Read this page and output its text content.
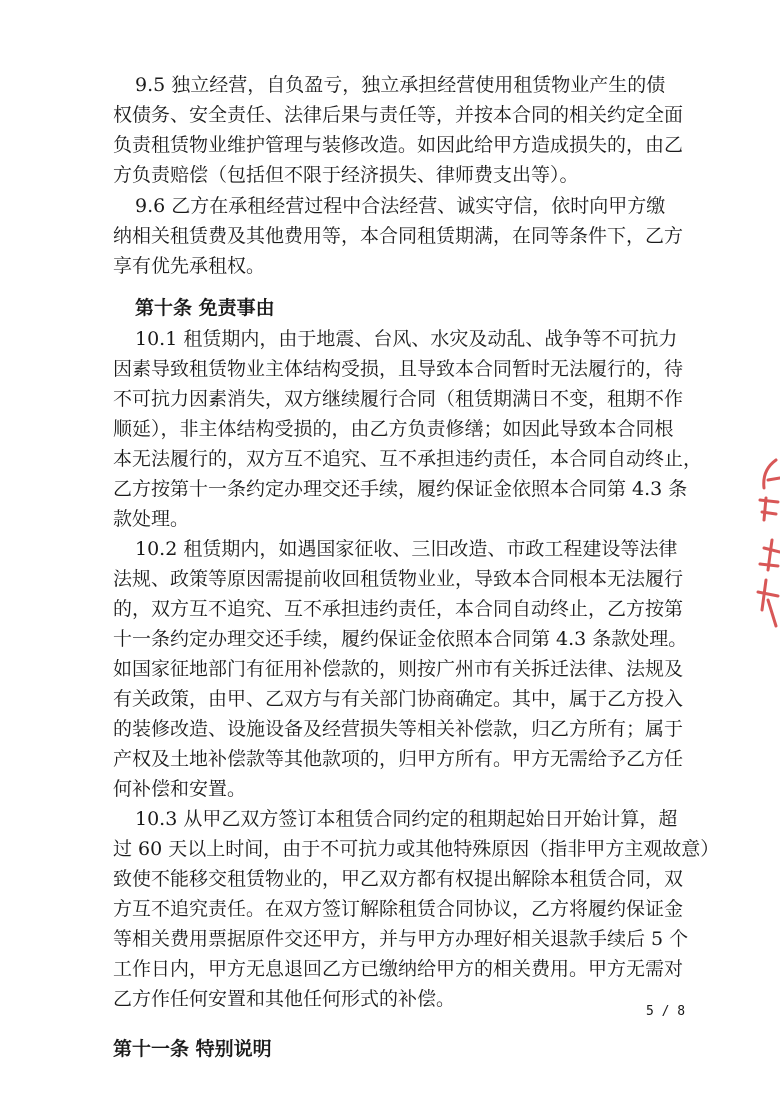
9.5 独立经营，自负盈亏，独立承担经营使用租赁物业产生的债
权债务、安全责任、法律后果与责任等，并按本合同的相关约定全面
负责租赁物业维护管理与装修改造。如因此给甲方造成损失的，由乙
方负责赔偿（包括但不限于经济损失、律师费支出等）。
9.6 乙方在承租经营过程中合法经营、诚实守信，依时向甲方缴
纳相关租赁费及其他费用等，本合同租赁期满，在同等条件下，乙方
享有优先承租权。
第十条 免责事由
10.1 租赁期内，由于地震、台风、水灾及动乱、战争等不可抗力
因素导致租赁物业主体结构受损，且导致本合同暂时无法履行的，待
不可抗力因素消失，双方继续履行合同（租赁期满日不变，租期不作
顺延），非主体结构受损的，由乙方负责修缮；如因此导致本合同根
本无法履行的，双方互不追究、互不承担违约责任，本合同自动终止，
乙方按第十一条约定办理交还手续，履约保证金依照本合同第 4.3 条
款处理。
10.2 租赁期内，如遇国家征收、三旧改造、市政工程建设等法律
法规、政策等原因需提前收回租赁物业业，导致本合同根本无法履行
的，双方互不追究、互不承担违约责任，本合同自动终止，乙方按第
十一条约定办理交还手续，履约保证金依照本合同第 4.3 条款处理。
如国家征地部门有征用补偿款的，则按广州市有关拆迁法律、法规及
有关政策，由甲、乙双方与有关部门协商确定。其中，属于乙方投入
的装修改造、设施设备及经营损失等相关补偿款，归乙方所有；属于
产权及土地补偿款等其他款项的，归甲方所有。甲方无需给予乙方任
何补偿和安置。
10.3 从甲乙双方签订本租赁合同约定的租期起始日开始计算，超
过 60 天以上时间，由于不可抗力或其他特殊原因（指非甲方主观故意）
致使不能移交租赁物业的，甲乙双方都有权提出解除本租赁合同，双
方互不追究责任。在双方签订解除租赁合同协议，乙方将履约保证金
等相关费用票据原件交还甲方，并与甲方办理好相关退款手续后 5 个
工作日内，甲方无息退回乙方已缴纳给甲方的相关费用。甲方无需对
乙方作任何安置和其他任何形式的补偿。
第十一条 特别说明
5 / 8
